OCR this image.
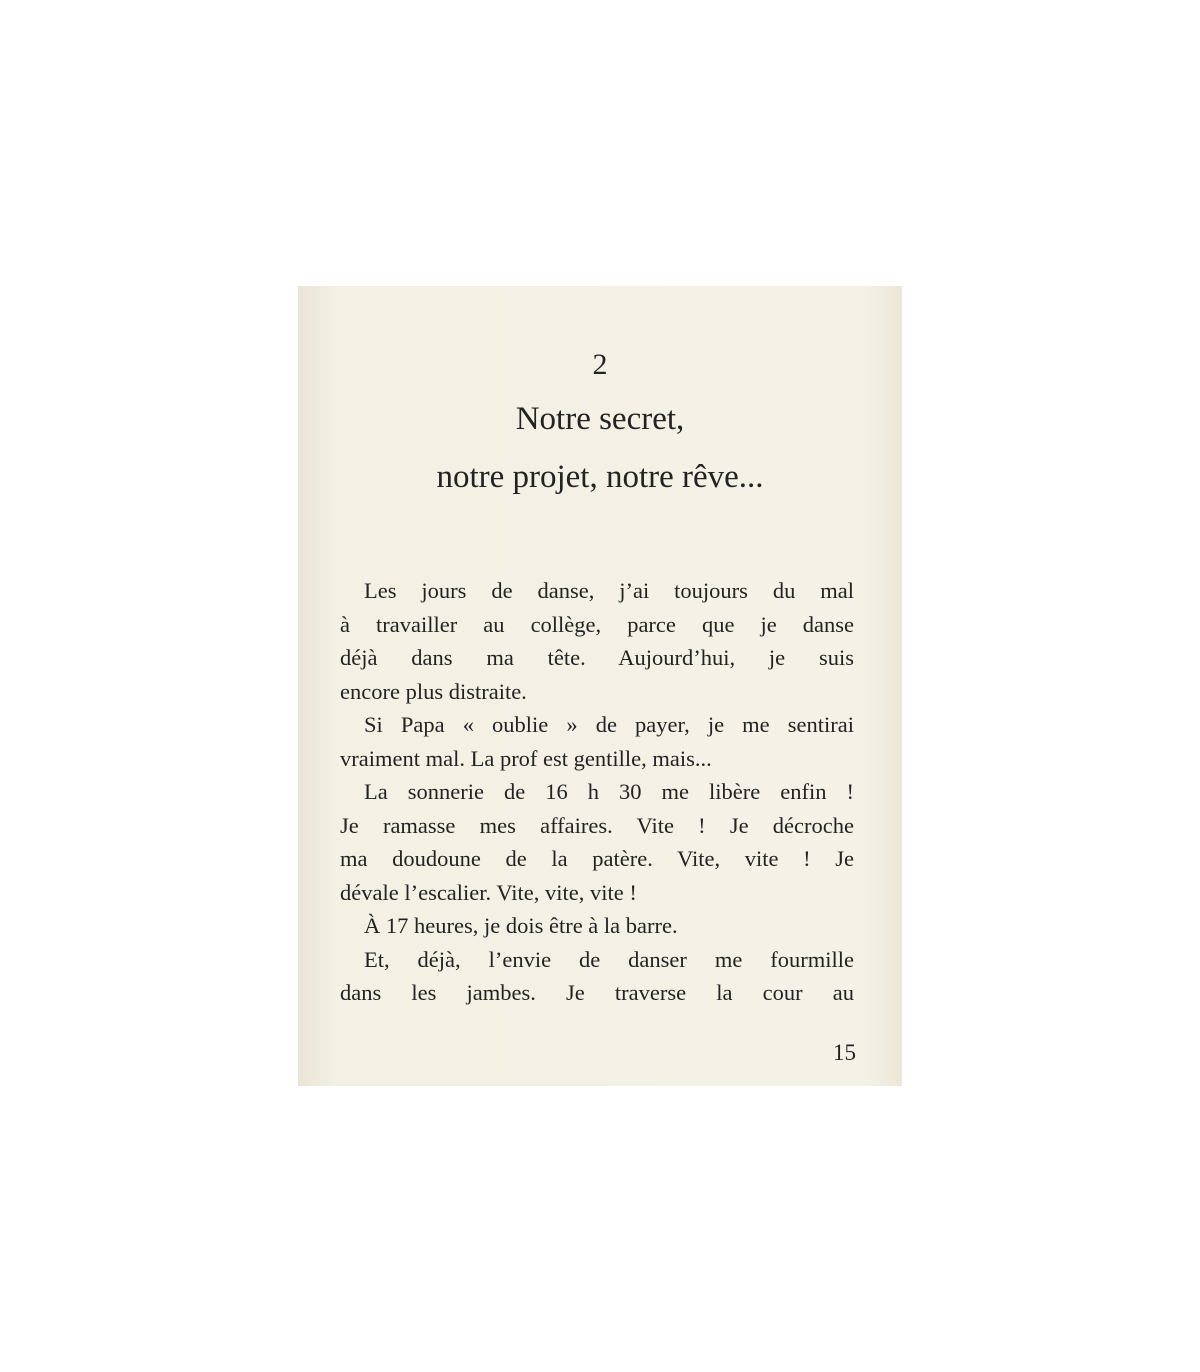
2
Notre secret,
notre projet, notre rêve...
Les jours de danse, j’ai toujours du mal
à travailler au collège, parce que je danse
déjà dans ma tête. Aujourd’hui, je suis
encore plus distraite.
Si Papa « oublie » de payer, je me sentirai
vraiment mal. La prof est gentille, mais...
La sonnerie de 16 h 30 me libère enfin !
Je ramasse mes affaires. Vite ! Je décroche
ma doudoune de la patère. Vite, vite ! Je
dévale l’escalier. Vite, vite, vite !
À 17 heures, je dois être à la barre.
Et, déjà, l’envie de danser me fourmille
dans les jambes. Je traverse la cour au
15
